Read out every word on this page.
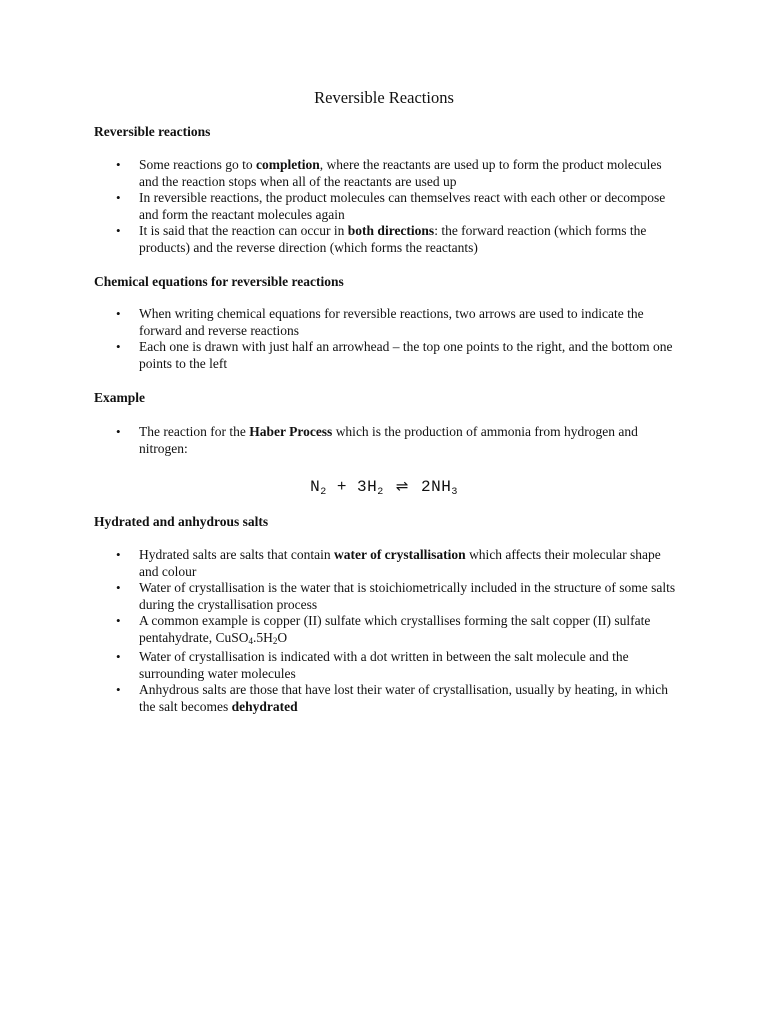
Reversible Reactions
Reversible reactions
• Some reactions go to completion, where the reactants are used up to form the product molecules and the reaction stops when all of the reactants are used up
• In reversible reactions, the product molecules can themselves react with each other or decompose and form the reactant molecules again
• It is said that the reaction can occur in both directions: the forward reaction (which forms the products) and the reverse direction (which forms the reactants)
Chemical equations for reversible reactions
• When writing chemical equations for reversible reactions, two arrows are used to indicate the forward and reverse reactions
• Each one is drawn with just half an arrowhead – the top one points to the right, and the bottom one points to the left
Example
• The reaction for the Haber Process which is the production of ammonia from hydrogen and nitrogen:
$N_2 + 3H_2$ ⇌ $2NH_3$
Hydrated and anhydrous salts
• Hydrated salts are salts that contain water of crystallisation which affects their molecular shape and colour
• Water of crystallisation is the water that is stoichiometrically included in the structure of some salts during the crystallisation process
• A common example is copper (II) sulfate which crystallises forming the salt copper (II) sulfate pentahydrate, $CuSO_4.5H_2O$
• Water of crystallisation is indicated with a dot written in between the salt molecule and the surrounding water molecules
• Anhydrous salts are those that have lost their water of crystallisation, usually by heating, in which the salt becomes dehydrated
